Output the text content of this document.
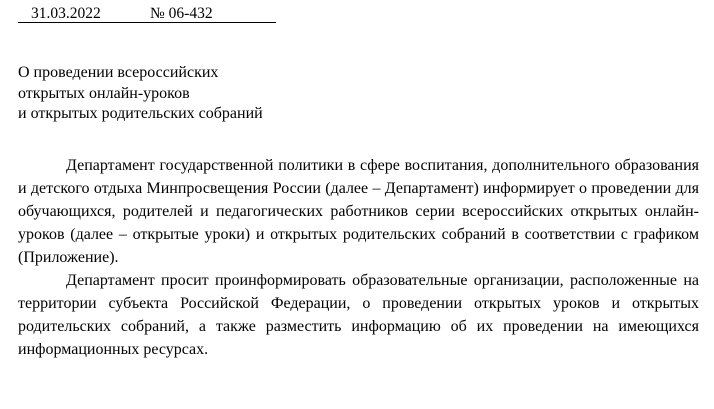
31.03.2022	№ 06-432
О проведении всероссийских
открытых онлайн-уроков
и открытых родительских собраний

Департамент государственной политики в сфере воспитания, дополнительного образования и детского отдыха Минпросвещения России (далее – Департамент) информирует о проведении для обучающихся, родителей и педагогических работников серии всероссийских открытых онлайн-уроков (далее – открытые уроки) и открытых родительских собраний в соответствии с графиком (Приложение).

Департамент просит проинформировать образовательные организации, расположенные на территории субъекта Российской Федерации, о проведении открытых уроков и открытых родительских собраний, а также разместить информацию об их проведении на имеющихся информационных ресурсах.
